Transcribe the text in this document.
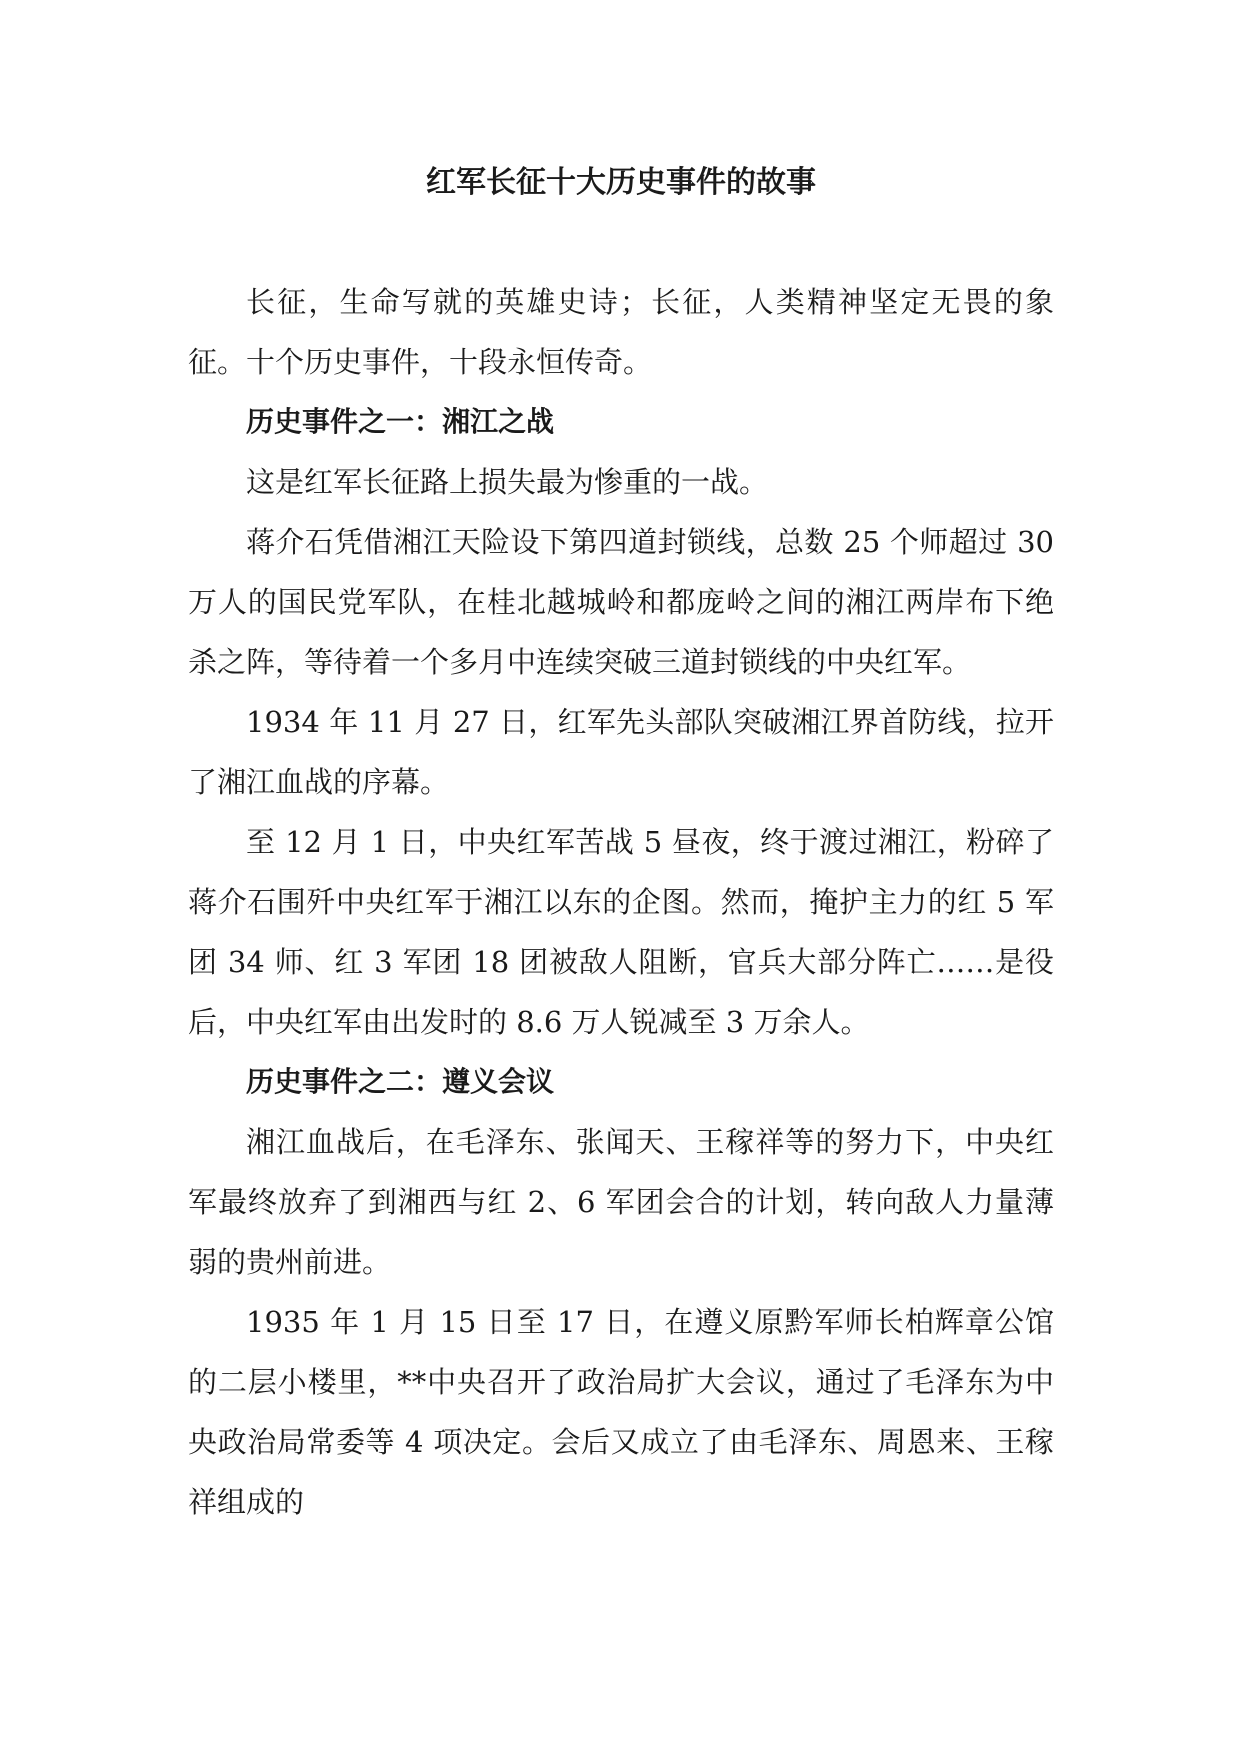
红军长征十大历史事件的故事

长征，生命写就的英雄史诗；长征，人类精神坚定无畏的象征。十个历史事件，十段永恒传奇。

历史事件之一：湘江之战

这是红军长征路上损失最为惨重的一战。

蒋介石凭借湘江天险设下第四道封锁线，总数 25 个师超过 30 万人的国民党军队，在桂北越城岭和都庞岭之间的湘江两岸布下绝杀之阵，等待着一个多月中连续突破三道封锁线的中央红军。

1934 年 11 月 27 日，红军先头部队突破湘江界首防线，拉开了湘江血战的序幕。

至 12 月 1 日，中央红军苦战 5 昼夜，终于渡过湘江，粉碎了蒋介石围歼中央红军于湘江以东的企图。然而，掩护主力的红 5 军团 34 师、红 3 军团 18 团被敌人阻断，官兵大部分阵亡……是役后，中央红军由出发时的 8.6 万人锐减至 3 万余人。

历史事件之二：遵义会议

湘江血战后，在毛泽东、张闻天、王稼祥等的努力下，中央红军最终放弃了到湘西与红 2、6 军团会合的计划，转向敌人力量薄弱的贵州前进。

1935 年 1 月 15 日至 17 日，在遵义原黔军师长柏辉章公馆的二层小楼里，**中央召开了政治局扩大会议，通过了毛泽东为中央政治局常委等 4 项决定。会后又成立了由毛泽东、周恩来、王稼祥组成的
